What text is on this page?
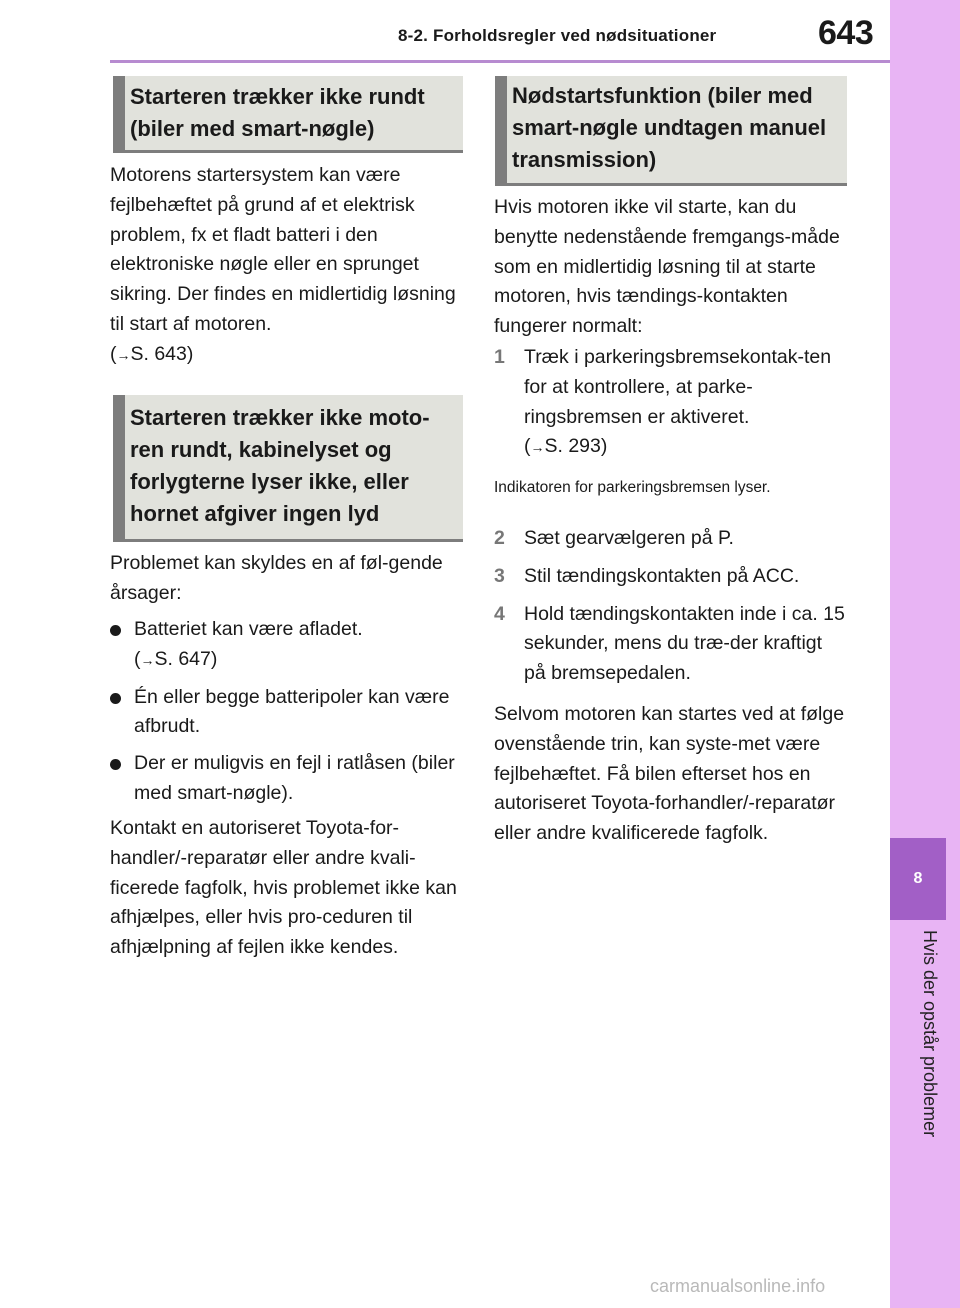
8-2. Forholdsregler ved nødsituationer	643
8
Hvis der opstår problemer
Starteren trækker ikke rundt (biler med smart-nøgle)
Motorens startersystem kan være fejlbehæftet på grund af et elektrisk problem, fx et fladt batteri i den elektroniske nøgle eller en sprunget sikring. Der findes en midlertidig løsning til start af motoren.
(→S. 643)
Starteren trækker ikke moto-ren rundt, kabinelyset og forlygterne lyser ikke, eller hornet afgiver ingen lyd
Problemet kan skyldes en af føl-gende årsager:
Batteriet kan være afladet.
(→S. 647)
Én eller begge batteripoler kan være afbrudt.
Der er muligvis en fejl i ratlåsen (biler med smart-nøgle).
Kontakt en autoriseret Toyota-for-handler/-reparatør eller andre kvali-ficerede fagfolk, hvis problemet ikke kan afhjælpes, eller hvis pro-ceduren til afhjælpning af fejlen ikke kendes.
Nødstartsfunktion (biler med smart-nøgle undtagen manuel transmission)
Hvis motoren ikke vil starte, kan du benytte nedenstående fremgangs-måde som en midlertidig løsning til at starte motoren, hvis tændings-kontakten fungerer normalt:
1 Træk i parkeringsbremsekontak-ten for at kontrollere, at parke-ringsbremsen er aktiveret.
(→S. 293)
Indikatoren for parkeringsbremsen lyser.
2 Sæt gearvælgeren på P.
3 Stil tændingskontakten på ACC.
4 Hold tændingskontakten inde i ca. 15 sekunder, mens du træ-der kraftigt på bremsepedalen.
Selvom motoren kan startes ved at følge ovenstående trin, kan syste-met være fejlbehæftet. Få bilen efterset hos en autoriseret Toyota-forhandler/-reparatør eller andre kvalificerede fagfolk.
carmanualsonline.info
